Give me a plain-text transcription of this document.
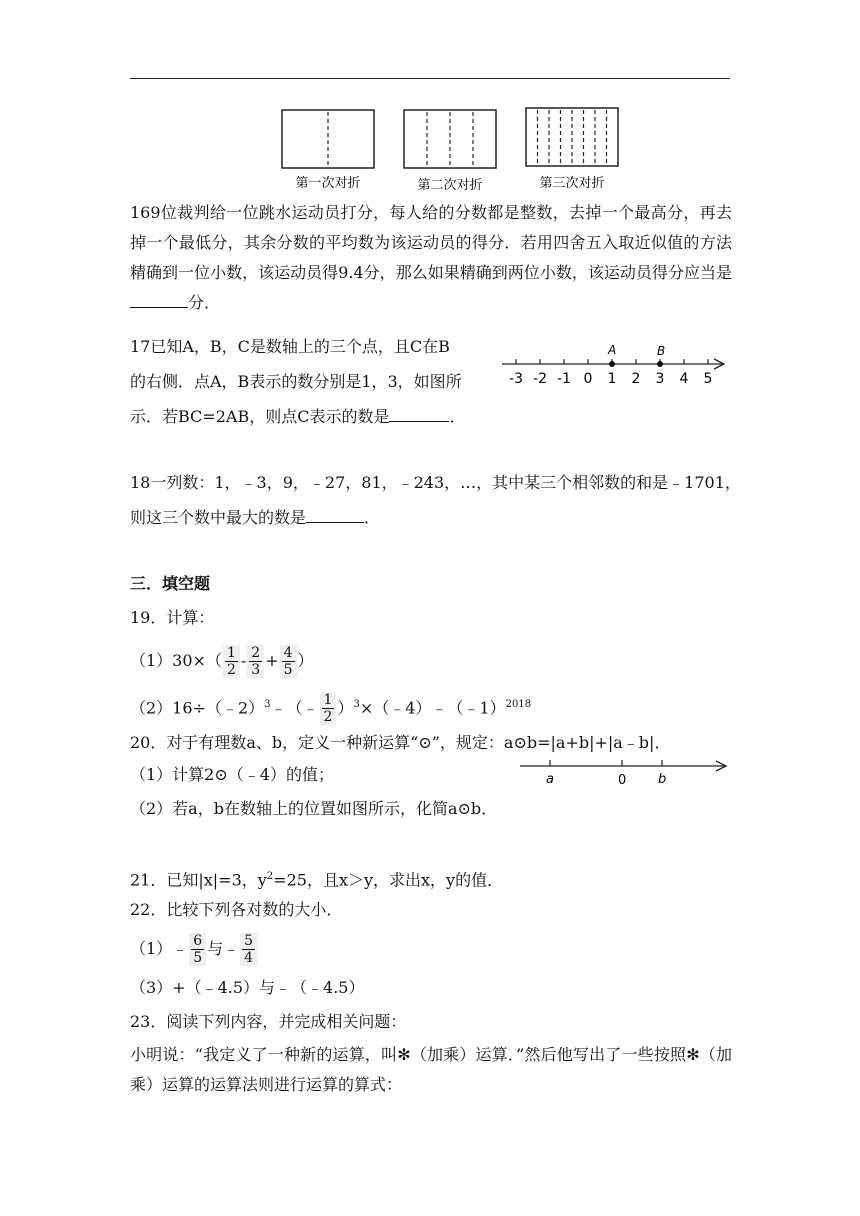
第一次对折	第二次对折	第三次对折
169位裁判给一位跳水运动员打分，每人给的分数都是整数，去掉一个最高分，再去掉一个最低分，其余分数的平均数为该运动员的得分．若用四舍五入取近似值的方法精确到一位小数，该运动员得9.4分，那么如果精确到两位小数，该运动员得分应当是分．
17已知A，B，C是数轴上的三个点，且C在B
的右侧．点A，B表示的数分别是1，3，如图所
示．若BC=2AB，则点C表示的数是	．
-3 -2 -1 0 1 2 3 4 5
A	B
18一列数：1，﹣3，9，﹣27，81，﹣243，…，其中某三个相邻数的和是﹣1701，
则这三个数中最大的数是	．
三．填空题
19．计算：
$(1)30\times( \frac{1}{2} - \frac{2}{3} + \frac{4}{5}$ ）
（2）16÷（﹣2）$^3$﹣（﹣ $\frac{1}{2}$ ）$^3$×（﹣4）﹣（﹣1）$^{2018}$
20．对于有理数a、b，定义一种新运算“⊙”，规定：a⊙b=|a+b|+|a﹣b|．
（1）计算2⊙（﹣4）的值；
（2）若a，b在数轴上的位置如图所示，化简a⊙b．
a	0 b
21．已知|x|=3，$y^2=25$，且x＞y，求出x，y的值．
22．比较下列各对数的大小．
（1）﹣ $\frac{6}{5}$ 与﹣ $\frac{5}{4}$
（3）+（﹣4.5）与﹣（﹣4.5）
23．阅读下列内容，并完成相关问题：
小明说：“我定义了一种新的运算，叫✻（加乘）运算．”然后他写出了一些按照✻（加乘）运算的运算法则进行运算的算式：
